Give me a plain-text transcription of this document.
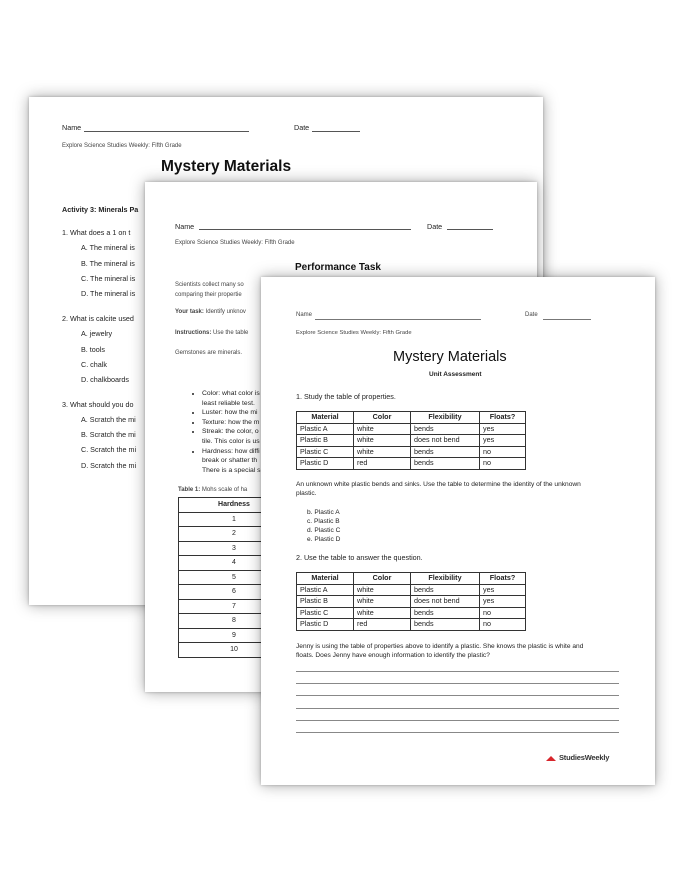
Name	Date
Explore Science Studies Weekly: Fifth Grade
Mystery Materials
Activity 3: Minerals Pa
1. What does a 1 on t
A. The mineral is
B. The mineral is
C. The mineral is
D. The mineral is
2. What is calcite used
A. jewelry
B. tools
C. chalk
D. chalkboards
3. What should you do
A. Scratch the mi
B. Scratch the mi
C. Scratch the mi
D. Scratch the mi
Name	Date
Explore Science Studies Weekly: Fifth Grade
Performance Task
Scientists collect many so
comparing their propertie
Your task: Identify unknov
Instructions: Use the table
Gemstones are minerals.
• Color: what color is
least reliable test.
• Luster: how the mi
• Texture: how the m
• Streak: the color, o
tile. This color is us
• Hardness: how diffi
break or shatter th
There is a special s
Table 1: Mohs scale of ha
Hardness	
1	
2	
3	
4	
5	
6	
7	
8	
9	
10	
Name	Date
Explore Science Studies Weekly: Fifth Grade
Mystery Materials
Unit Assessment
1. Study the table of properties.
Material	Color	Flexibility	Floats?
Plastic A	white	bends	yes
Plastic B	white	does not bend	yes
Plastic C	white	bends	no
Plastic D	red	bends	no
An unknown white plastic bends and sinks. Use the table to determine the identity of the unknown
plastic.
b. Plastic A
c. Plastic B
d. Plastic C
e. Plastic D
2. Use the table to answer the question.
Material	Color	Flexibility	Floats?
Plastic A	white	bends	yes
Plastic B	white	does not bend	yes
Plastic C	white	bends	no
Plastic D	red	bends	no
Jenny is using the table of properties above to identify a plastic. She knows the plastic is white and
floats. Does Jenny have enough information to identify the plastic?
StudiesWeekly
